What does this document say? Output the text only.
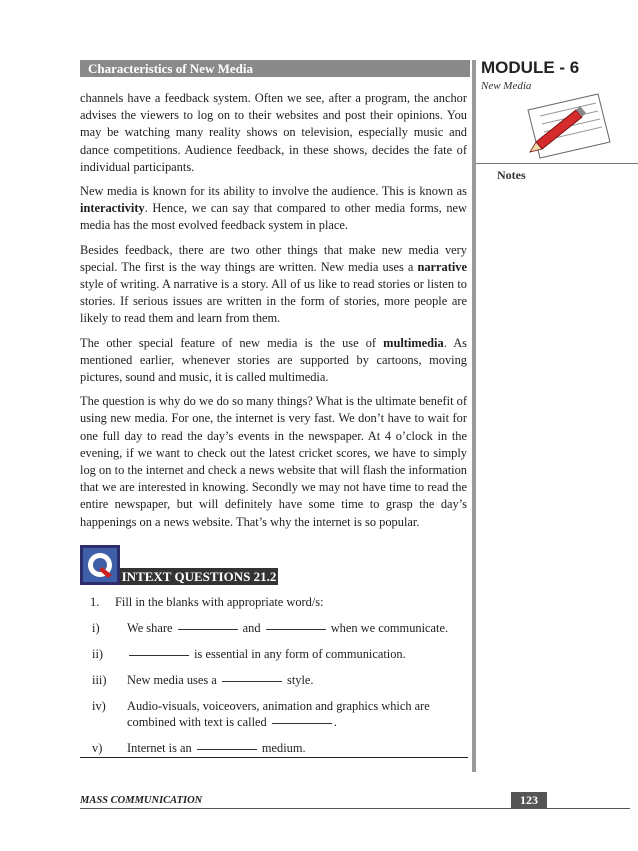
Characteristics of New Media	MODULE - 6
New Media
Notes

channels have a feedback system. Often we see, after a program, the anchor advises the viewers to log on to their websites and post their opinions. You may be watching many reality shows on television, especially music and dance competitions. Audience feedback, in these shows, decides the fate of individual participants.

New media is known for its ability to involve the audience. This is known as interactivity. Hence, we can say that compared to other media forms, new media has the most evolved feedback system in place.

Besides feedback, there are two other things that make new media very special. The first is the way things are written. New media uses a narrative style of writing. A narrative is a story. All of us like to read stories or listen to stories. If serious issues are written in the form of stories, more people are likely to read them and learn from them.

The other special feature of new media is the use of multimedia. As mentioned earlier, whenever stories are supported by cartoons, moving pictures, sound and music, it is called multimedia.

The question is why do we do so many things? What is the ultimate benefit of using new media. For one, the internet is very fast. We don’t have to wait for one full day to read the day’s events in the newspaper. At 4 o’clock in the evening, if we want to check out the latest cricket scores, we have to simply log on to the internet and check a news website that will flash the information that we are interested in knowing. Secondly we may not have time to read the entire newspaper, but will definitely have some time to grasp the day’s happenings on a news website. That’s why the internet is so popular.

INTEXT QUESTIONS 21.2
1.	Fill in the blanks with appropriate word/s:
i)	We share	and	when we communicate.
ii)	is essential in any form of communication.
iii)	New media uses a	style.
iv)	Audio-visuals, voiceovers, animation and graphics which are combined with text is called	.
v)	Internet is an	medium.
MASS COMMUNICATION	123
